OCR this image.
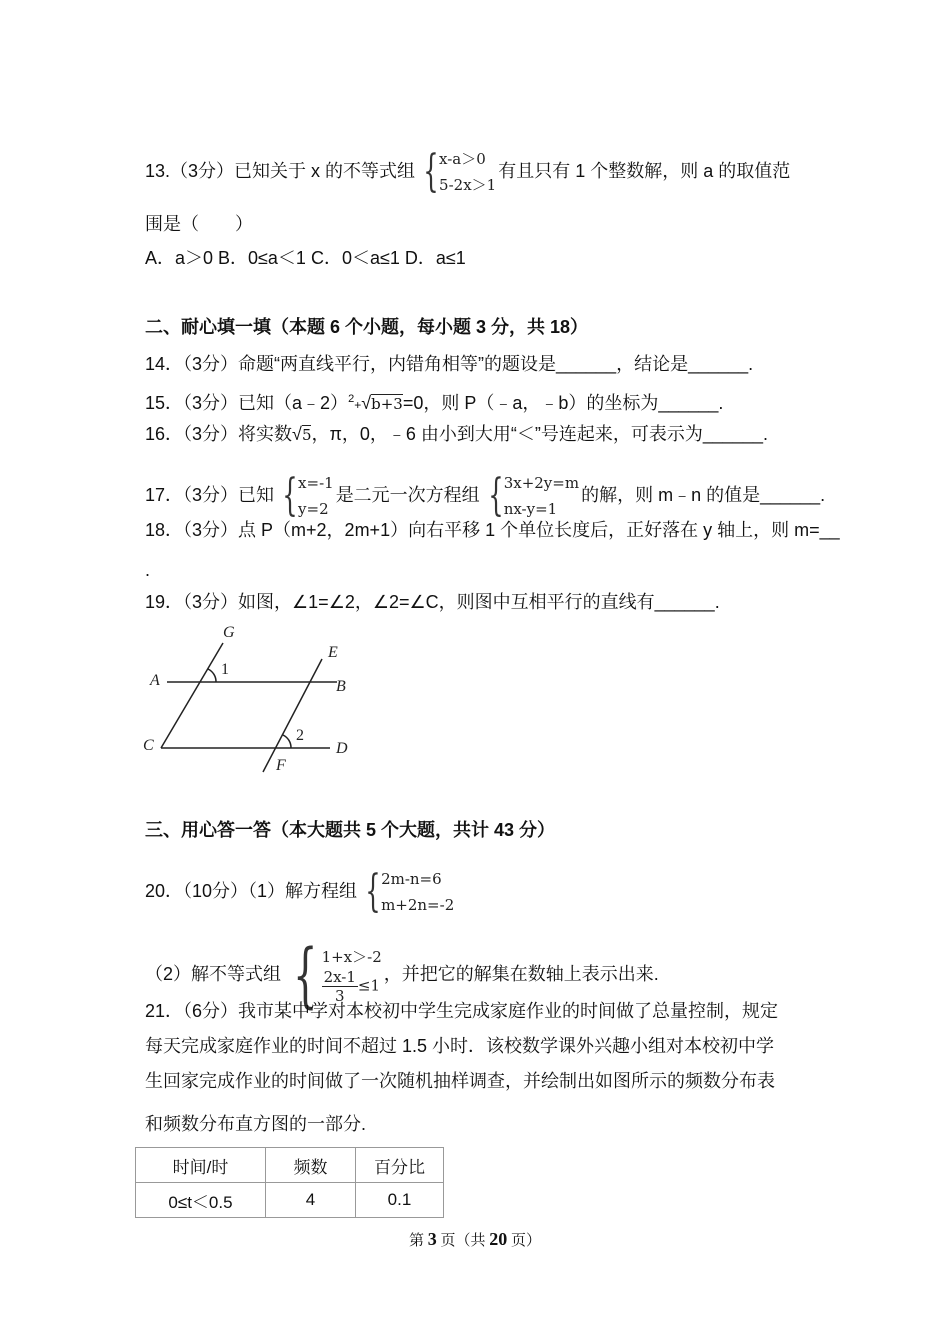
13.（3分）已知关于 x 的不等式组 { x-a＞0
5-2x＞1
有且只有 1 个整数解，则 a 的取值范
围是（　　）
A．a＞0 B．0≤a＜1 C．0＜a≤1 D．a≤1
二、耐心填一填（本题 6 个小题，每小题 3 分，共 18）
14．（3分）命题“两直线平行，内错角相等”的题设是______，结论是______.
15．（3分）已知（a﹣2）$^2$+√b+3=0，则 P（﹣a，﹣b）的坐标为______.
16．（3分）将实数√5，π，0，﹣6 由小到大用“＜”号连起来，可表示为______.
17．（3分）已知 { x=-1
y=2
是二元一次方程组 { 3x+2y=m
nx-y=1
的解，则 m﹣n 的值是______.
18．（3分）点 P（m+2，2m+1）向右平移 1 个单位长度后，正好落在 y 轴上，则 m=__
.
19．（3分）如图，∠1=∠2，∠2=∠C，则图中互相平行的直线有______.
G
E
A	B
C	D
F
1
2
三、用心答一答（本大题共 5 个大题，共计 43 分）
20．（10分）（1）解方程组 { 2m-n=6
m+2n=-2
（2）解不等式组 { 1+x＞-2
$\frac{2x-1}{3} \le 1$
，并把它的解集在数轴上表示出来.
21．（6分）我市某中学对本校初中学生完成家庭作业的时间做了总量控制，规定
每天完成家庭作业的时间不超过 1.5 小时．该校数学课外兴趣小组对本校初中学
生回家完成作业的时间做了一次随机抽样调查，并绘制出如图所示的频数分布表
和频数分布直方图的一部分.
时间/时	频数	百分比
0≤t＜0.5	4	0.1
第 3 页（共 20 页）
